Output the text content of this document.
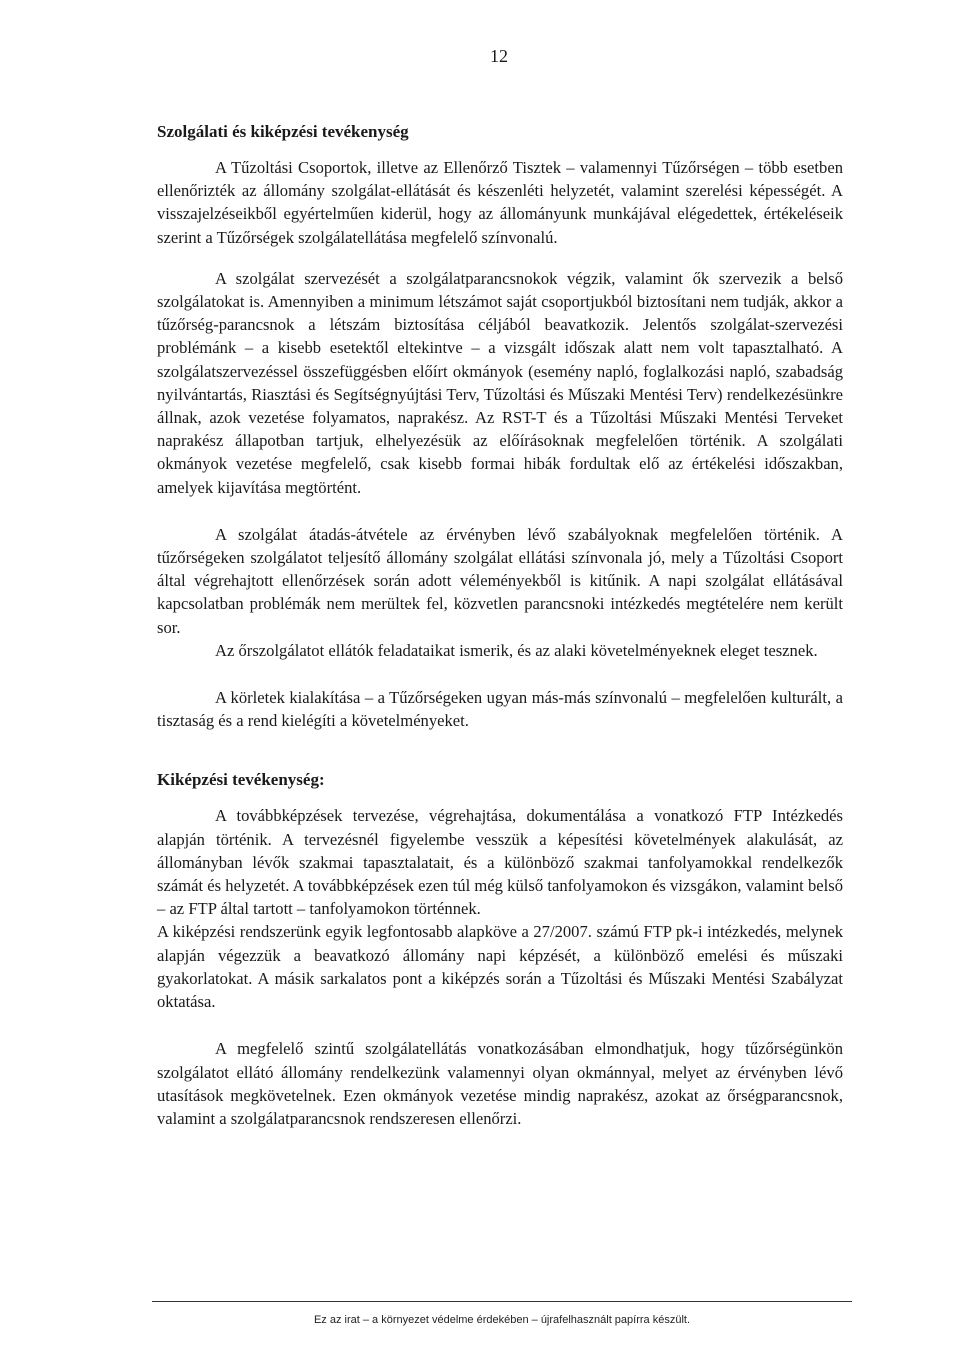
12
Szolgálati és kiképzési tevékenység

A Tűzoltási Csoportok, illetve az Ellenőrző Tisztek – valamennyi Tűzőrségen – több esetben ellenőrizték az állomány szolgálat-ellátását és készenléti helyzetét, valamint szerelési képességét. A visszajelzéseikből egyértelműen kiderül, hogy az állományunk munkájával elégedettek, értékeléseik szerint a Tűzőrségek szolgálatellátása megfelelő színvonalú.

A szolgálat szervezését a szolgálatparancsnokok végzik, valamint ők szervezik a belső szolgálatokat is. Amennyiben a minimum létszámot saját csoportjukból biztosítani nem tudják, akkor a tűzőrség-parancsnok a létszám biztosítása céljából beavatkozik. Jelentős szolgálat-szervezési problémánk – a kisebb esetektől eltekintve – a vizsgált időszak alatt nem volt tapasztalható. A szolgálatszervezéssel összefüggésben előírt okmányok (esemény napló, foglalkozási napló, szabadság nyilvántartás, Riasztási és Segítségnyújtási Terv, Tűzoltási és Műszaki Mentési Terv) rendelkezésünkre állnak, azok vezetése folyamatos, naprakész. Az RST-T és a Tűzoltási Műszaki Mentési Terveket naprakész állapotban tartjuk, elhelyezésük az előírásoknak megfelelően történik. A szolgálati okmányok vezetése megfelelő, csak kisebb formai hibák fordultak elő az értékelési időszakban, amelyek kijavítása megtörtént.

A szolgálat átadás-átvétele az érvényben lévő szabályoknak megfelelően történik. A tűzőrségeken szolgálatot teljesítő állomány szolgálat ellátási színvonala jó, mely a Tűzoltási Csoport által végrehajtott ellenőrzések során adott véleményekből is kitűnik. A napi szolgálat ellátásával kapcsolatban problémák nem merültek fel, közvetlen parancsnoki intézkedés megtételére nem került sor.

Az őrszolgálatot ellátók feladataikat ismerik, és az alaki követelményeknek eleget tesznek.

A körletek kialakítása – a Tűzőrségeken ugyan más-más színvonalú – megfelelően kulturált, a tisztaság és a rend kielégíti a követelményeket.

Kiképzési tevékenység:

A továbbképzések tervezése, végrehajtása, dokumentálása a vonatkozó FTP Intézkedés alapján történik. A tervezésnél figyelembe vesszük a képesítési követelmények alakulását, az állományban lévők szakmai tapasztalatait, és a különböző szakmai tanfolyamokkal rendelkezők számát és helyzetét. A továbbképzések ezen túl még külső tanfolyamokon és vizsgákon, valamint belső – az FTP által tartott – tanfolyamokon történnek.

A kiképzési rendszerünk egyik legfontosabb alapköve a 27/2007. számú FTP pk-i intézkedés, melynek alapján végezzük a beavatkozó állomány napi képzését, a különböző emelési és műszaki gyakorlatokat. A másik sarkalatos pont a kiképzés során a Tűzoltási és Műszaki Mentési Szabályzat oktatása.

A megfelelő szintű szolgálatellátás vonatkozásában elmondhatjuk, hogy tűzőrségünkön szolgálatot ellátó állomány rendelkezünk valamennyi olyan okmánnyal, melyet az érvényben lévő utasítások megkövetelnek. Ezen okmányok vezetése mindig naprakész, azokat az őrségparancsnok, valamint a szolgálatparancsnok rendszeresen ellenőrzi.

Ez az irat – a környezet védelme érdekében – újrafelhasznált papírra készült.
